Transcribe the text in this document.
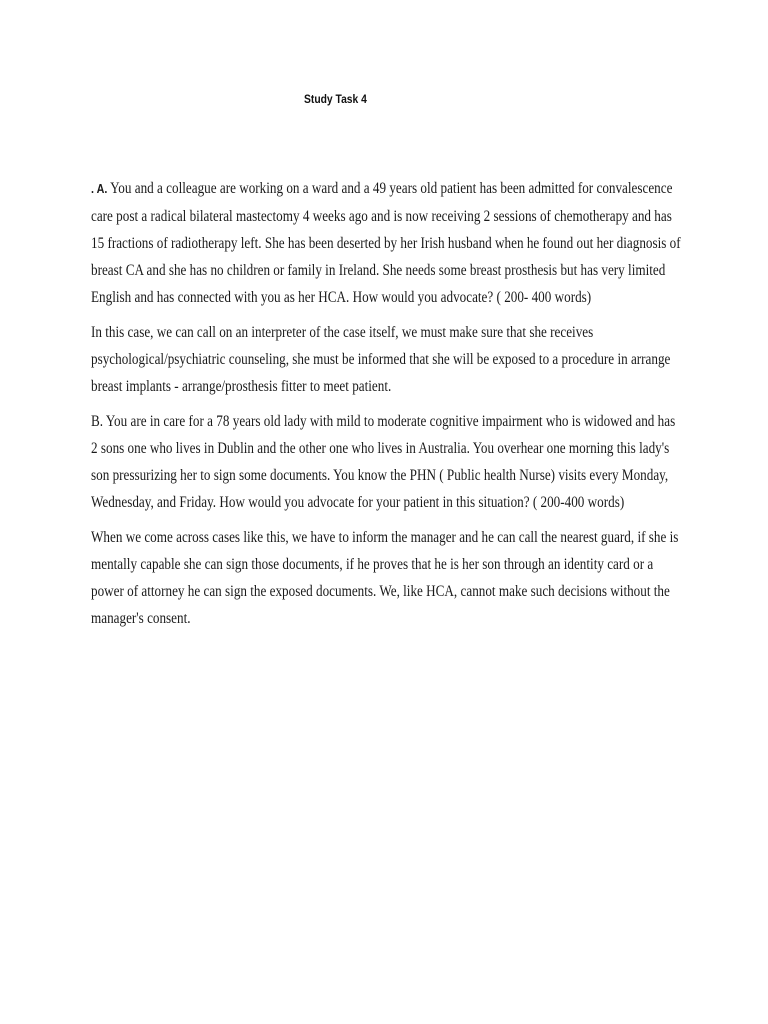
Study Task 4

. A. You and a colleague are working on a ward and a 49 years old patient has been admitted for convalescence care post a radical bilateral mastectomy 4 weeks ago and is now receiving 2 sessions of chemotherapy and has 15 fractions of radiotherapy left. She has been deserted by her Irish husband when he found out her diagnosis of breast CA and she has no children or family in Ireland. She needs some breast prosthesis but has very limited English and has connected with you as her HCA. How would you advocate? ( 200- 400 words)

In this case, we can call on an interpreter of the case itself, we must make sure that she receives psychological/psychiatric counseling, she must be informed that she will be exposed to a procedure in arrange breast implants - arrange/prosthesis fitter to meet patient.

B. You are in care for a 78 years old lady with mild to moderate cognitive impairment who is widowed and has 2 sons one who lives in Dublin and the other one who lives in Australia. You overhear one morning this lady's son pressurizing her to sign some documents. You know the PHN ( Public health Nurse) visits every Monday, Wednesday, and Friday. How would you advocate for your patient in this situation? ( 200-400 words)

When we come across cases like this, we have to inform the manager and he can call the nearest guard, if she is mentally capable she can sign those documents, if he proves that he is her son through an identity card or a power of attorney he can sign the exposed documents. We, like HCA, cannot make such decisions without the manager's consent.
